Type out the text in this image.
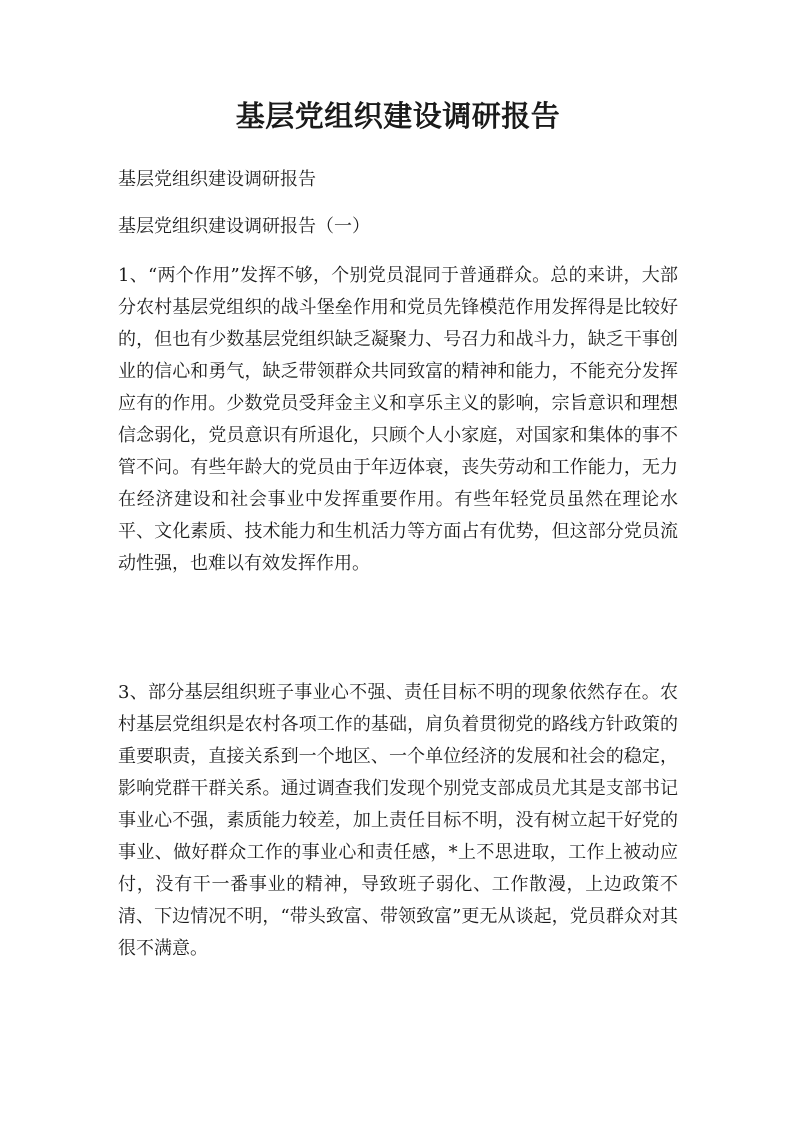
基层党组织建设调研报告

基层党组织建设调研报告

基层党组织建设调研报告（一）

1、“两个作用”发挥不够，个别党员混同于普通群众。总的来讲，大部分农村基层党组织的战斗堡垒作用和党员先锋模范作用发挥得是比较好的，但也有少数基层党组织缺乏凝聚力、号召力和战斗力，缺乏干事创业的信心和勇气，缺乏带领群众共同致富的精神和能力，不能充分发挥应有的作用。少数党员受拜金主义和享乐主义的影响，宗旨意识和理想信念弱化，党员意识有所退化，只顾个人小家庭，对国家和集体的事不管不问。有些年龄大的党员由于年迈体衰，丧失劳动和工作能力，无力在经济建设和社会事业中发挥重要作用。有些年轻党员虽然在理论水平、文化素质、技术能力和生机活力等方面占有优势，但这部分党员流动性强，也难以有效发挥作用。

3、部分基层组织班子事业心不强、责任目标不明的现象依然存在。农村基层党组织是农村各项工作的基础，肩负着贯彻党的路线方针政策的重要职责，直接关系到一个地区、一个单位经济的发展和社会的稳定，影响党群干群关系。通过调查我们发现个别党支部成员尤其是支部书记事业心不强，素质能力较差，加上责任目标不明，没有树立起干好党的事业、做好群众工作的事业心和责任感，*上不思进取，工作上被动应付，没有干一番事业的精神，导致班子弱化、工作散漫，上边政策不清、下边情况不明，“带头致富、带领致富”更无从谈起，党员群众对其很不满意。
